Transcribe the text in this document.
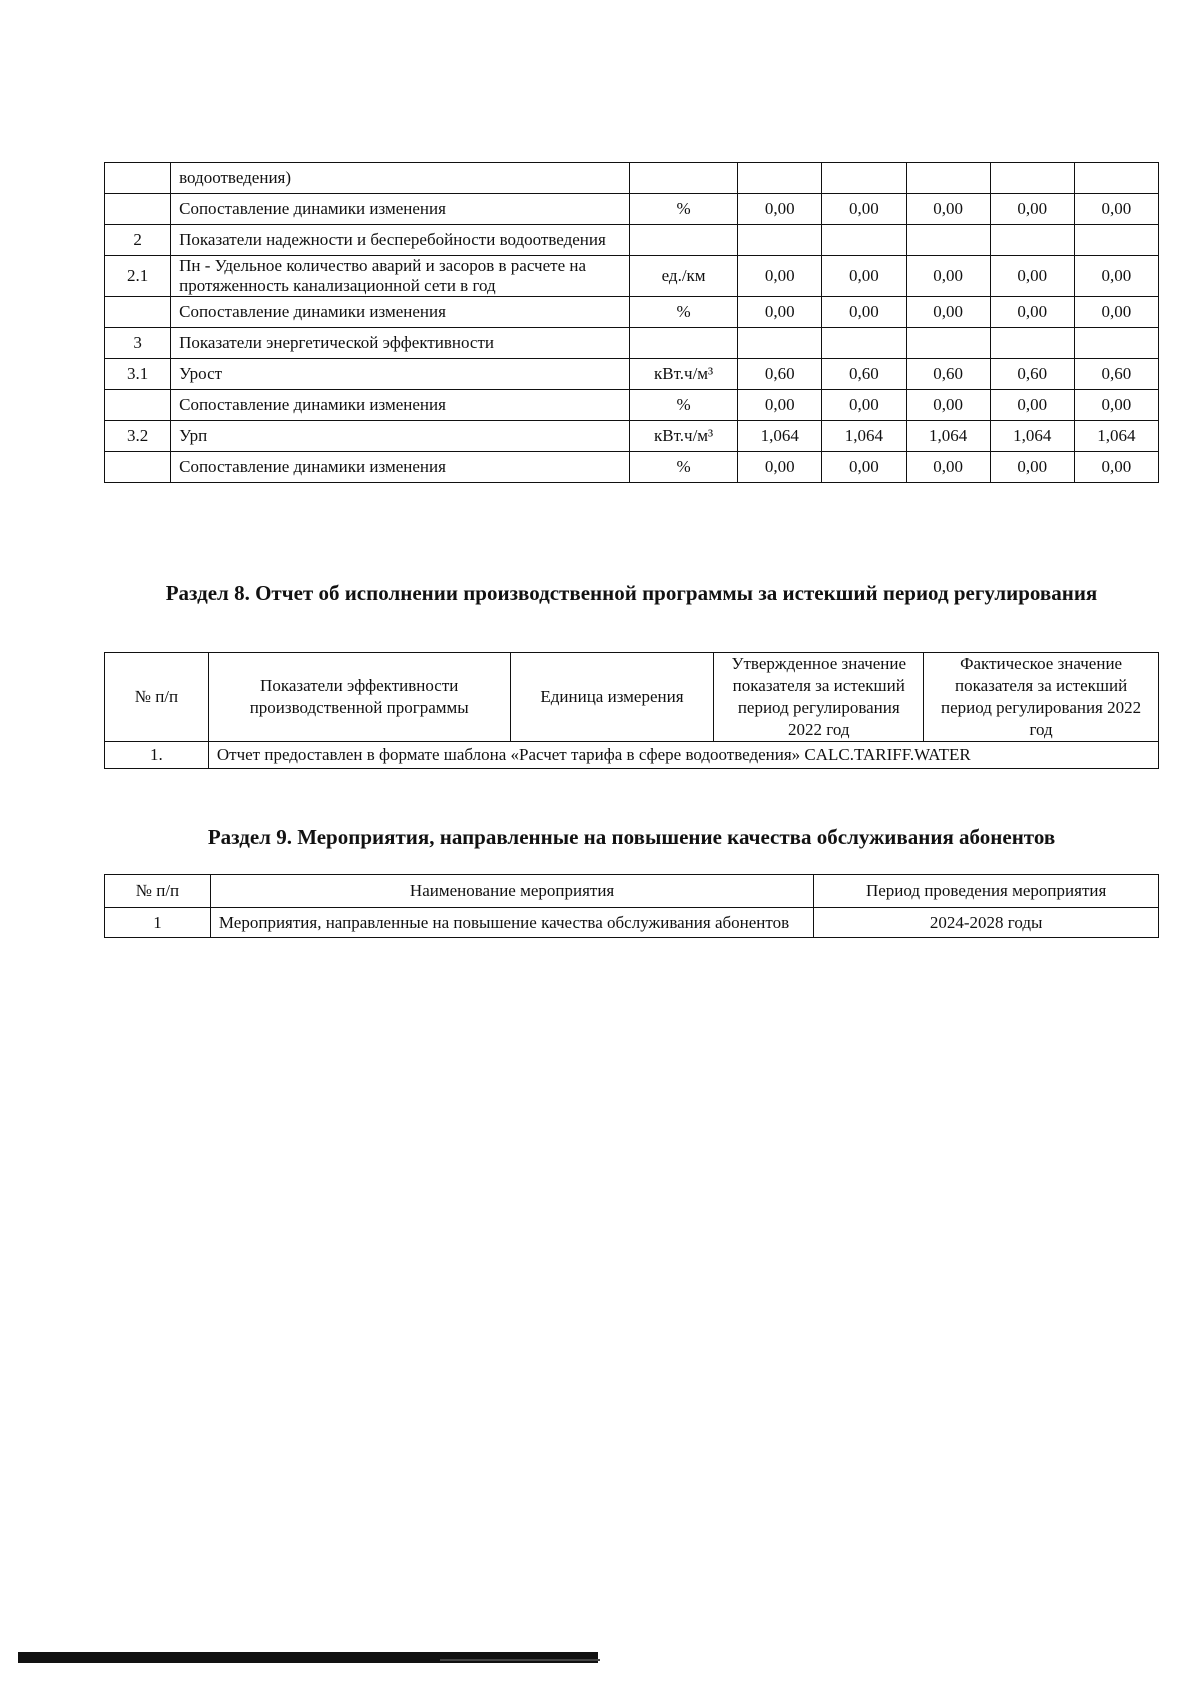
	водоотведения)						
	Сопоставление динамики изменения	%	0,00	0,00	0,00	0,00	0,00
2	Показатели надежности и бесперебойности водоотведения						
2.1	Пн - Удельное количество аварий и засоров в расчете на протяженность канализационной сети в год	ед./км	0,00	0,00	0,00	0,00	0,00
	Сопоставление динамики изменения	%	0,00	0,00	0,00	0,00	0,00
3	Показатели энергетической эффективности						
3.1	Урост	кВт.ч/м³	0,60	0,60	0,60	0,60	0,60
	Сопоставление динамики изменения	%	0,00	0,00	0,00	0,00	0,00
3.2	Урп	кВт.ч/м³	1,064	1,064	1,064	1,064	1,064
	Сопоставление динамики изменения	%	0,00	0,00	0,00	0,00	0,00
Раздел 8. Отчет об исполнении производственной программы за истекший период регулирования
№ п/п	Показатели эффективности производственной программы	Единица измерения	Утвержденное значение показателя за истекший период регулирования 2022 год	Фактическое значение показателя за истекший период регулирования 2022 год
1.	Отчет предоставлен в формате шаблона «Расчет тарифа в сфере водоотведения» CALC.TARIFF.WATER			
Раздел 9. Мероприятия, направленные на повышение качества обслуживания абонентов
№ п/п	Наименование мероприятия	Период проведения мероприятия
1	Мероприятия, направленные на повышение качества обслуживания абонентов	2024-2028 годы
